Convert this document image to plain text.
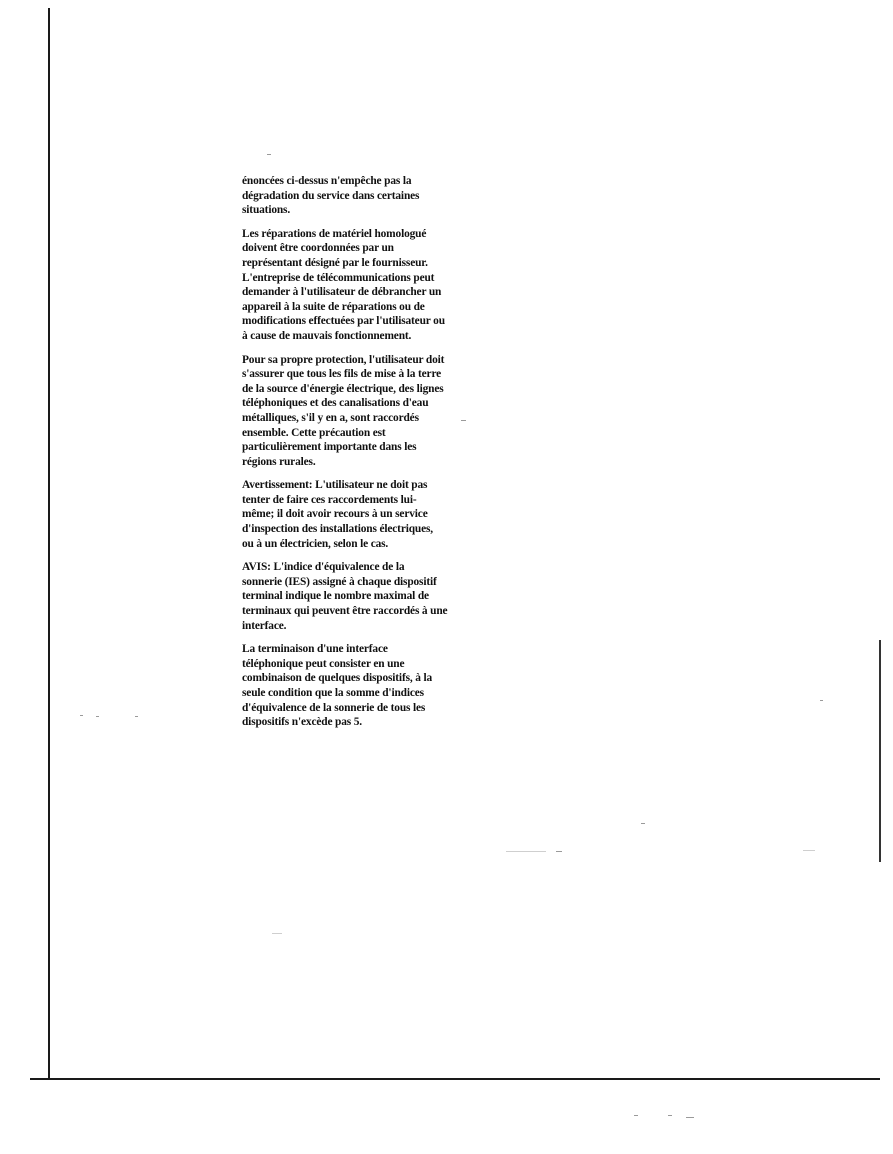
énoncées ci-dessus n'empêche pas la
dégradation du service dans certaines
situations.

Les réparations de matériel homologué
doivent être coordonnées par un
représentant désigné par le fournisseur.
L'entreprise de télécommunications peut
demander à l'utilisateur de débrancher un
appareil à la suite de réparations ou de
modifications effectuées par l'utilisateur ou
à cause de mauvais fonctionnement.

Pour sa propre protection, l'utilisateur doit
s'assurer que tous les fils de mise à la terre
de la source d'énergie électrique, des lignes
téléphoniques et des canalisations d'eau
métalliques, s'il y en a, sont raccordés
ensemble. Cette précaution est
particulièrement importante dans les
régions rurales.

Avertissement: L'utilisateur ne doit pas
tenter de faire ces raccordements lui-
même; il doit avoir recours à un service
d'inspection des installations électriques,
ou à un électricien, selon le cas.

AVIS: L'indice d'équivalence de la
sonnerie (IES) assigné à chaque dispositif
terminal indique le nombre maximal de
terminaux qui peuvent être raccordés à une
interface.

La terminaison d'une interface
téléphonique peut consister en une
combinaison de quelques dispositifs, à la
seule condition que la somme d'indices
d'équivalence de la sonnerie de tous les
dispositifs n'excède pas 5.
